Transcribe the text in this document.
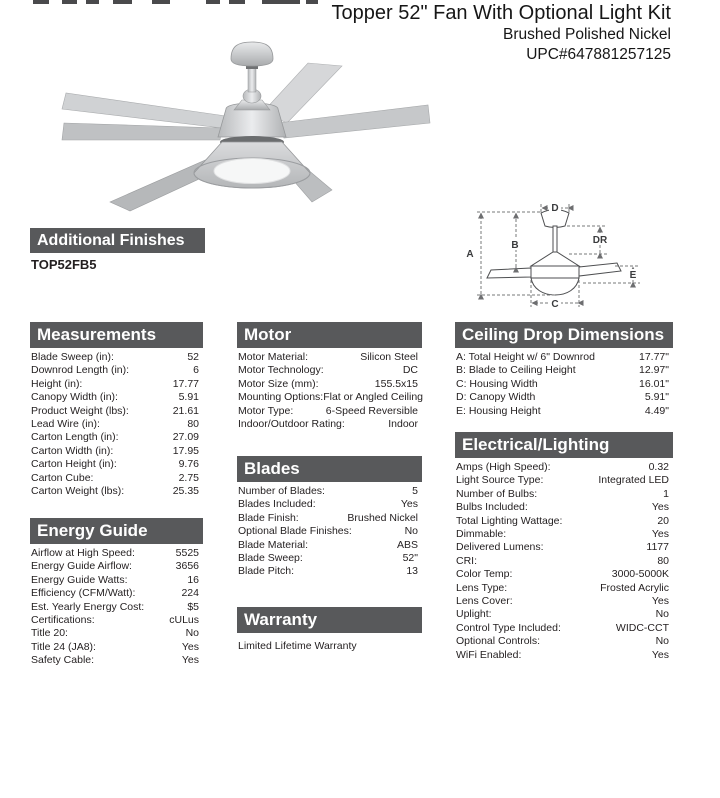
Topper 52" Fan With Optional Light Kit
Brushed Polished Nickel
UPC#647881257125
Additional Finishes
TOP52FB5
D
A
B	DR
E
C
Measurements
Blade Sweep (in):	52
Downrod Length (in):	6
Height (in):	17.77
Canopy Width (in):	5.91
Product Weight (lbs):	21.61
Lead Wire (in):	80
Carton Length (in):	27.09
Carton Width (in):	17.95
Carton Height (in):	9.76
Carton Cube:	2.75
Carton Weight (lbs):	25.35
Energy Guide
Airflow at High Speed:	5525
Energy Guide Airflow:	3656
Energy Guide Watts:	16
Efficiency (CFM/Watt):	224
Est. Yearly Energy Cost:	$5
Certifications:	cULus
Title 20:	No
Title 24 (JA8):	Yes
Safety Cable:	Yes
Motor
Motor Material:	Silicon Steel
Motor Technology:	DC
Motor Size (mm):	155.5x15
Mounting Options: Flat or Angled Ceiling
Motor Type:	6-Speed Reversible
Indoor/Outdoor Rating:	Indoor
Blades
Number of Blades:	5
Blades Included:	Yes
Blade Finish:	Brushed Nickel
Optional Blade Finishes:	No
Blade Material:	ABS
Blade Sweep:	52"
Blade Pitch:	13
Warranty
Limited Lifetime Warranty
Ceiling Drop Dimensions
A: Total Height w/ 6" Downrod	17.77"
B: Blade to Ceiling Height	12.97"
C: Housing Width	16.01"
D: Canopy Width	5.91"
E: Housing Height	4.49"
Electrical/Lighting
Amps (High Speed):	0.32
Light Source Type:	Integrated LED
Number of Bulbs:	1
Bulbs Included:	Yes
Total Lighting Wattage:	20
Dimmable:	Yes
Delivered Lumens:	1177
CRI:	80
Color Temp:	3000-5000K
Lens Type:	Frosted Acrylic
Lens Cover:	Yes
Uplight:	No
Control Type Included:	WIDC-CCT
Optional Controls:	No
WiFi Enabled:	Yes
